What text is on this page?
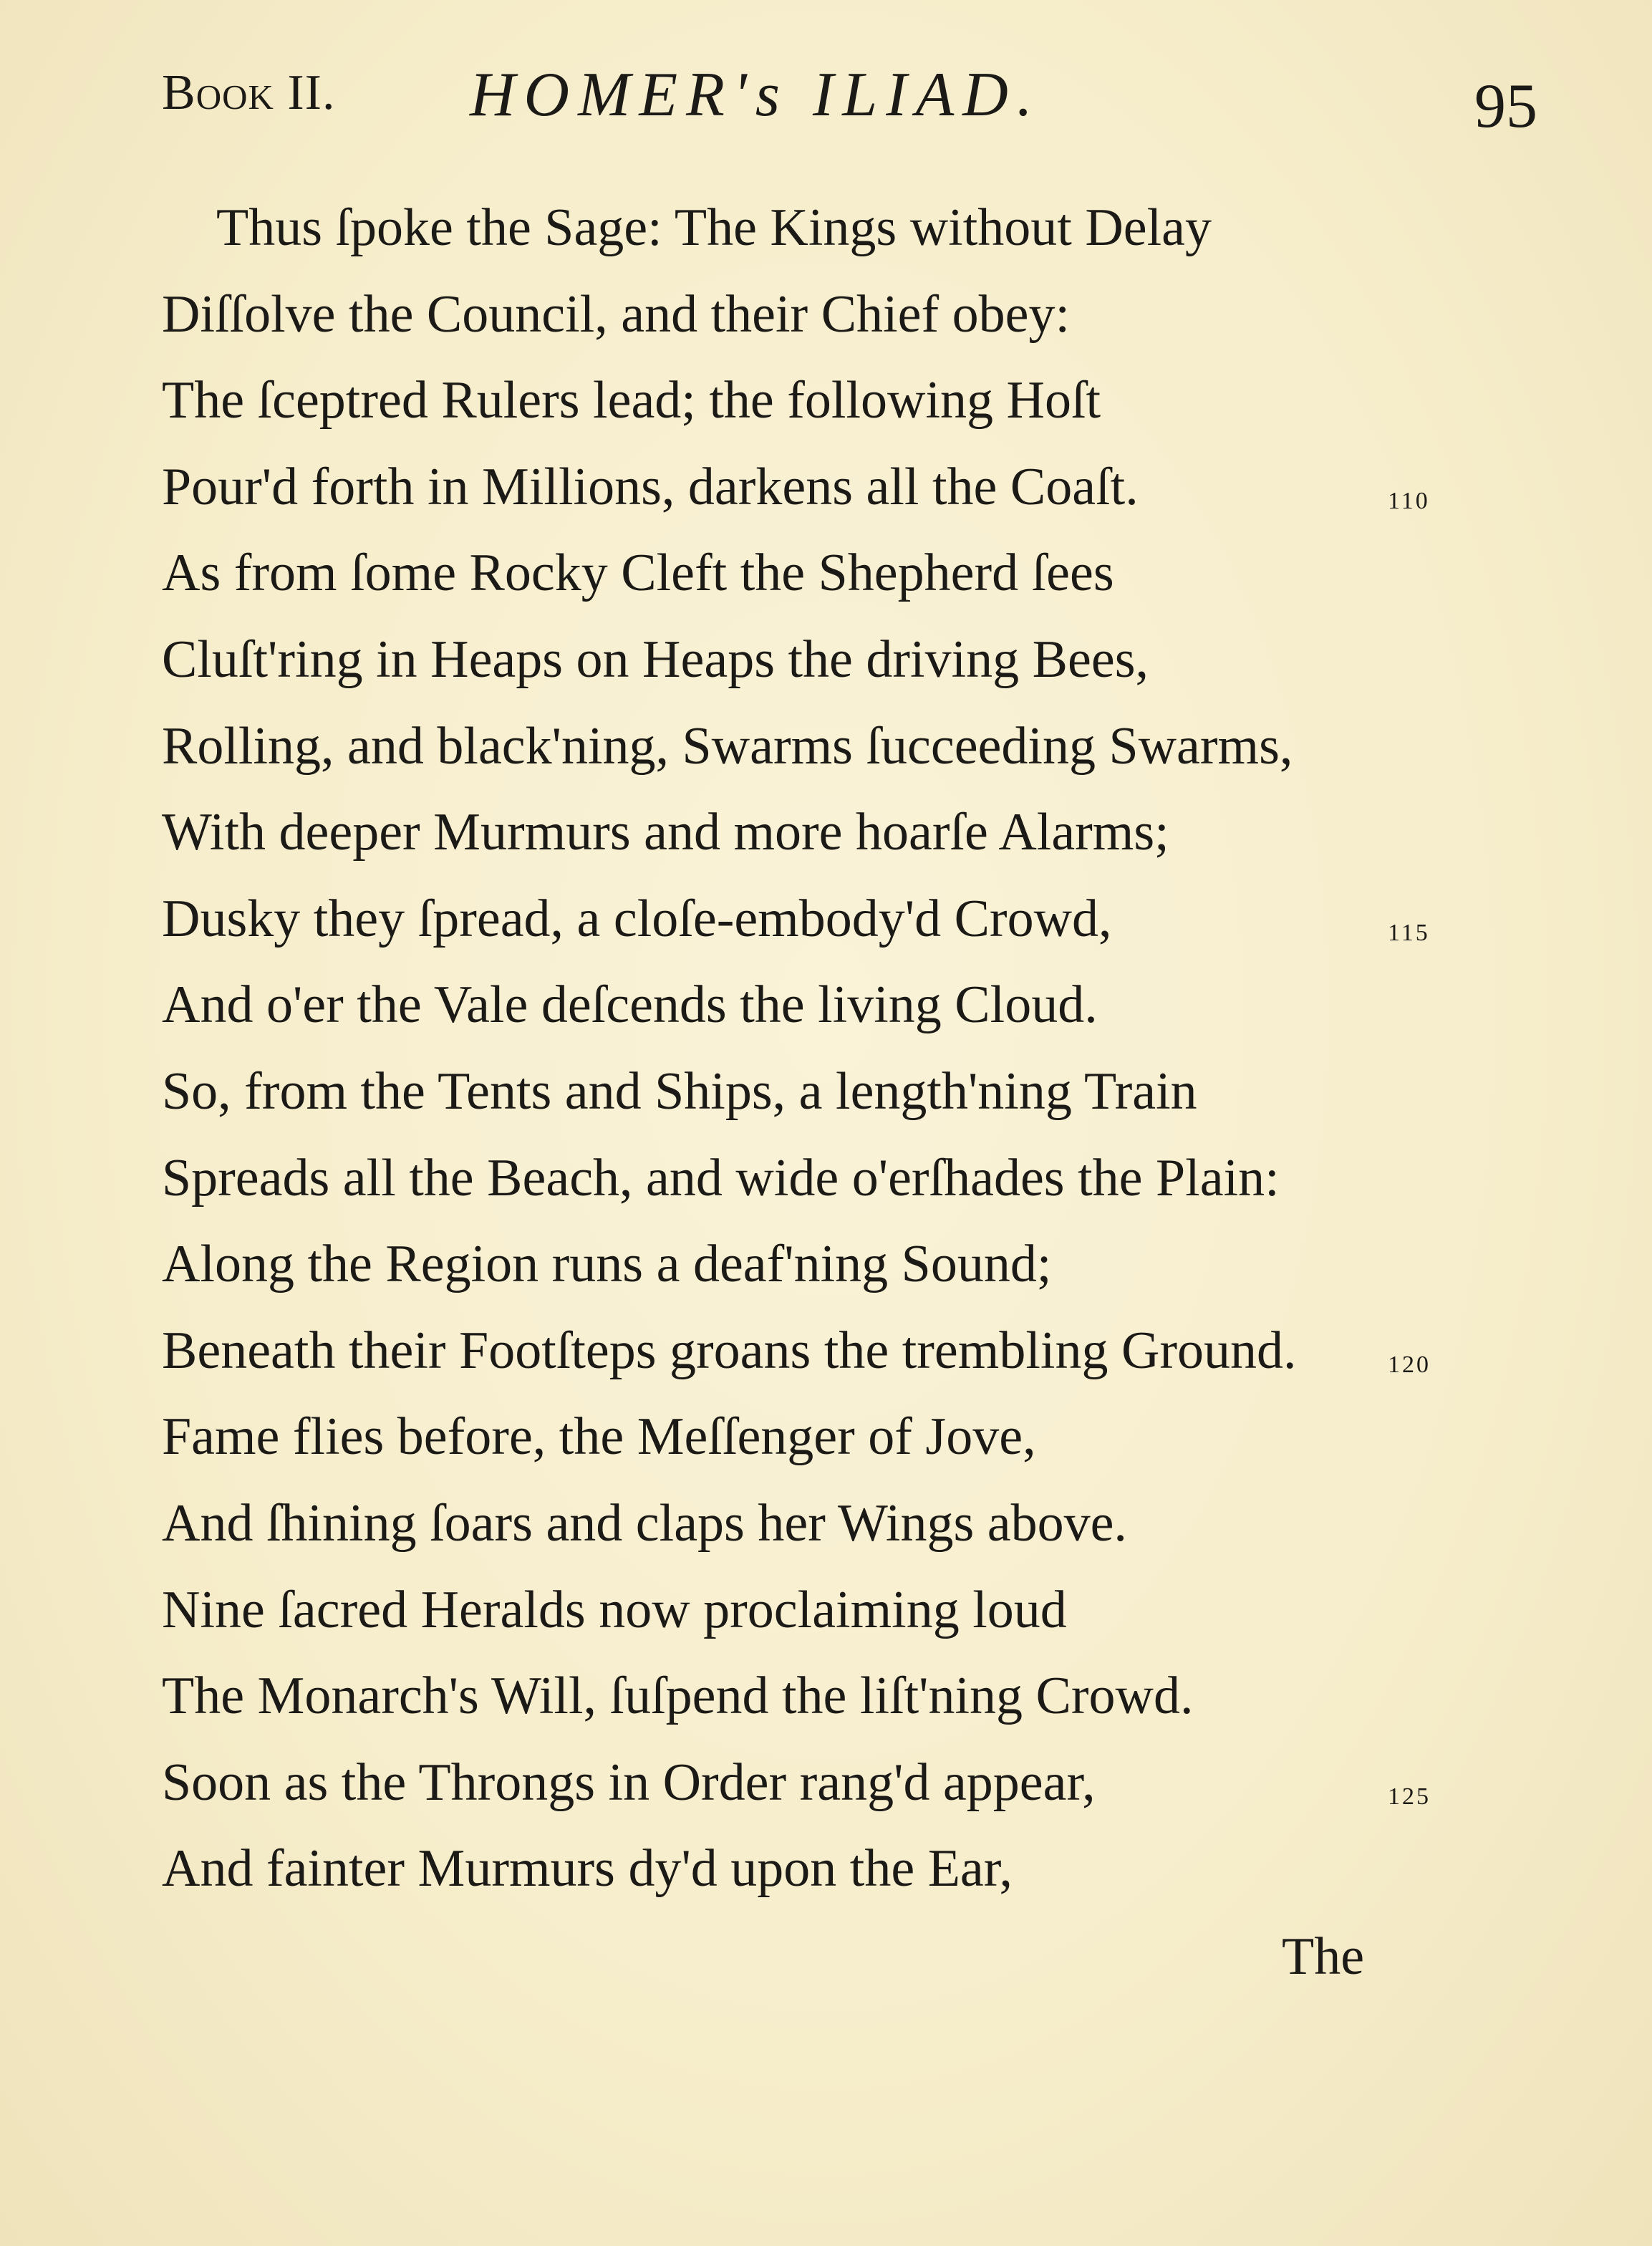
Book II. HOMER's ILIAD.	95
Thus ſpoke the Sage: The Kings without Delay
Diſſolve the Council, and their Chief obey:
The ſceptred Rulers lead; the following Hoſt
Pour'd forth in Millions, darkens all the Coaſt.	110
As from ſome Rocky Cleft the Shepherd ſees
Cluſt'ring in Heaps on Heaps the driving Bees,
Rolling, and black'ning, Swarms ſucceeding Swarms,
With deeper Murmurs and more hoarſe Alarms;
Dusky they ſpread, a cloſe-embody'd Crowd,	115
And o'er the Vale deſcends the living Cloud.
So, from the Tents and Ships, a length'ning Train
Spreads all the Beach, and wide o'erſhades the Plain:
Along the Region runs a deaf'ning Sound;
Beneath their Footſteps groans the trembling Ground.	120
Fame flies before, the Meſſenger of Jove,
And ſhining ſoars and claps her Wings above.
Nine ſacred Heralds now proclaiming loud
The Monarch's Will, ſuſpend the liſt'ning Crowd.
Soon as the Throngs in Order rang'd appear,	125
And fainter Murmurs dy'd upon the Ear,
The
